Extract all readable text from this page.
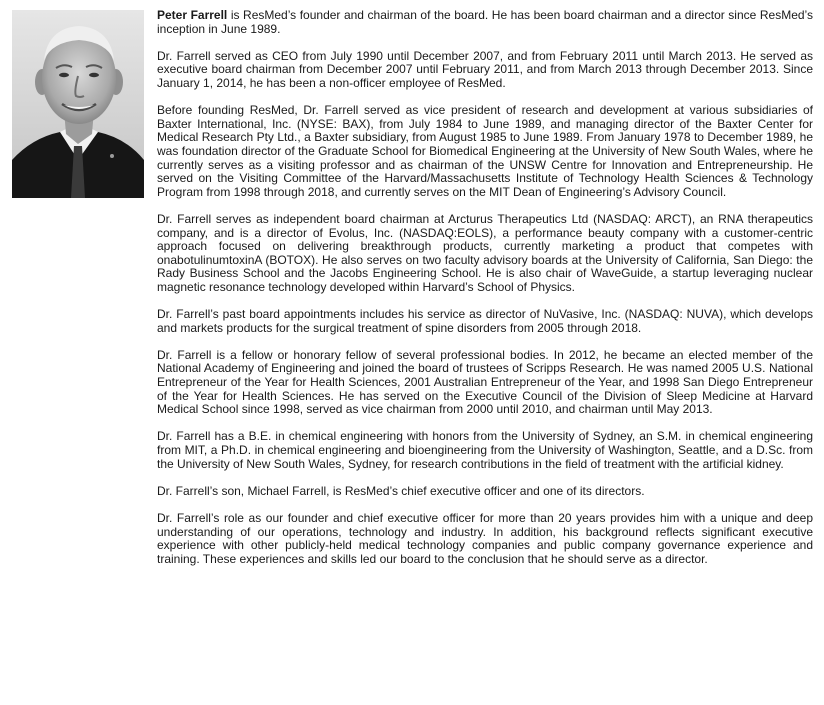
Peter Farrell is ResMed’s founder and chairman of the board. He has been board chairman and a director since ResMed’s inception in June 1989.

Dr. Farrell served as CEO from July 1990 until December 2007, and from February 2011 until March 2013. He served as executive board chairman from December 2007 until February 2011, and from March 2013 through December 2013. Since January 1, 2014, he has been a non-officer employee of ResMed.

Before founding ResMed, Dr. Farrell served as vice president of research and development at various subsidiaries of Baxter International, Inc. (NYSE: BAX), from July 1984 to June 1989, and managing director of the Baxter Center for Medical Research Pty Ltd., a Baxter subsidiary, from August 1985 to June 1989. From January 1978 to December 1989, he was foundation director of the Graduate School for Biomedical Engineering at the University of New South Wales, where he currently serves as a visiting professor and as chairman of the UNSW Centre for Innovation and Entrepreneurship. He served on the Visiting Committee of the Harvard/Massachusetts Institute of Technology Health Sciences & Technology Program from 1998 through 2018, and currently serves on the MIT Dean of Engineering’s Advisory Council.

Dr. Farrell serves as independent board chairman at Arcturus Therapeutics Ltd (NASDAQ: ARCT), an RNA therapeutics company, and is a director of Evolus, Inc. (NASDAQ:EOLS), a performance beauty company with a customer-centric approach focused on delivering breakthrough products, currently marketing a product that competes with onabotulinumtoxinA (BOTOX). He also serves on two faculty advisory boards at the University of California, San Diego: the Rady Business School and the Jacobs Engineering School. He is also chair of WaveGuide, a startup leveraging nuclear magnetic resonance technology developed within Harvard’s School of Physics.

Dr. Farrell’s past board appointments includes his service as director of NuVasive, Inc. (NASDAQ: NUVA), which develops and markets products for the surgical treatment of spine disorders from 2005 through 2018.

Dr. Farrell is a fellow or honorary fellow of several professional bodies. In 2012, he became an elected member of the National Academy of Engineering and joined the board of trustees of Scripps Research. He was named 2005 U.S. National Entrepreneur of the Year for Health Sciences, 2001 Australian Entrepreneur of the Year, and 1998 San Diego Entrepreneur of the Year for Health Sciences. He has served on the Executive Council of the Division of Sleep Medicine at Harvard Medical School since 1998, served as vice chairman from 2000 until 2010, and chairman until May 2013.

Dr. Farrell has a B.E. in chemical engineering with honors from the University of Sydney, an S.M. in chemical engineering from MIT, a Ph.D. in chemical engineering and bioengineering from the University of Washington, Seattle, and a D.Sc. from the University of New South Wales, Sydney, for research contributions in the field of treatment with the artificial kidney.

Dr. Farrell’s son, Michael Farrell, is ResMed’s chief executive officer and one of its directors.

Dr. Farrell’s role as our founder and chief executive officer for more than 20 years provides him with a unique and deep understanding of our operations, technology and industry. In addition, his background reflects significant executive experience with other publicly-held medical technology companies and public company governance experience and training. These experiences and skills led our board to the conclusion that he should serve as a director.
